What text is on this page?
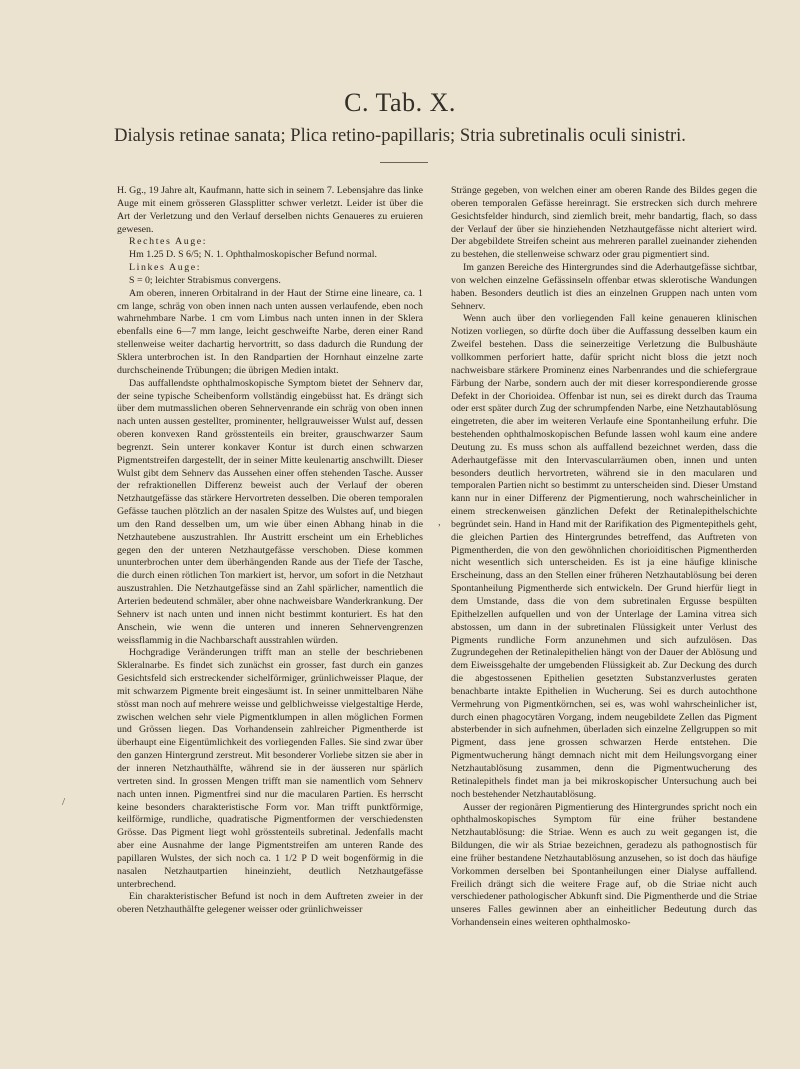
C. Tab. X.
Dialysis retinae sanata; Plica retino-papillaris; Stria subretinalis oculi sinistri.

H. Gg., 19 Jahre alt, Kaufmann, hatte sich in seinem 7. Lebensjahre das linke Auge mit einem grösseren Glassplitter schwer verletzt. Leider ist über die Art der Verletzung und den Verlauf derselben nichts Genaueres zu eruieren gewesen.

Rechtes Auge:

Hm 1.25 D. S 6/5; N. 1. Ophthalmoskopischer Befund normal.

Linkes Auge:

S = 0; leichter Strabismus convergens.

Am oberen, inneren Orbitalrand in der Haut der Stirne eine lineare, ca. 1 cm lange, schräg von oben innen nach unten aussen verlaufende, eben noch wahrnehmbare Narbe. 1 cm vom Limbus nach unten innen in der Sklera ebenfalls eine 6—7 mm lange, leicht geschweifte Narbe, deren einer Rand stellenweise weiter dachartig hervortritt, so dass dadurch die Rundung der Sklera unterbrochen ist. In den Randpartien der Hornhaut einzelne zarte durchscheinende Trübungen; die übrigen Medien intakt.

Das auffallendste ophthalmoskopische Symptom bietet der Sehnerv dar, der seine typische Scheibenform vollständig eingebüsst hat. Es drängt sich über dem mutmasslichen oberen Sehnervenrande ein schräg von oben innen nach unten aussen gestellter, prominenter, hellgrauweisser Wulst auf, dessen oberen konvexen Rand grösstenteils ein breiter, grauschwarzer Saum begrenzt. Sein unterer konkaver Kontur ist durch einen schwarzen Pigmentstreifen dargestellt, der in seiner Mitte keulenartig anschwillt. Dieser Wulst gibt dem Sehnerv das Aussehen einer offen stehenden Tasche. Ausser der refraktionellen Differenz beweist auch der Verlauf der oberen Netzhautgefässe das stärkere Hervortreten desselben. Die oberen temporalen Gefässe tauchen plötzlich an der nasalen Spitze des Wulstes auf, und biegen um den Rand desselben um, um wie über einen Abhang hinab in die Netzhautebene auszustrahlen. Ihr Austritt erscheint um ein Erhebliches gegen den der unteren Netzhautgefässe verschoben. Diese kommen ununterbrochen unter dem überhängenden Rande aus der Tiefe der Tasche, die durch einen rötlichen Ton markiert ist, hervor, um sofort in die Netzhaut auszustrahlen. Die Netzhautgefässe sind an Zahl spärlicher, namentlich die Arterien bedeutend schmäler, aber ohne nachweisbare Wanderkrankung. Der Sehnerv ist nach unten und innen nicht bestimmt konturiert. Es hat den Anschein, wie wenn die unteren und inneren Sehnervengrenzen weissflammig in die Nachbarschaft ausstrahlen würden.

Hochgradige Veränderungen trifft man an stelle der beschriebenen Skleralnarbe. Es findet sich zunächst ein grosser, fast durch ein ganzes Gesichtsfeld sich erstreckender sichelförmiger, grünlichweisser Plaque, der mit schwarzem Pigmente breit eingesäumt ist. In seiner unmittelbaren Nähe stösst man noch auf mehrere weisse und gelblichweisse vielgestaltige Herde, zwischen welchen sehr viele Pigmentklumpen in allen möglichen Formen und Grössen liegen. Das Vorhandensein zahlreicher Pigmentherde ist überhaupt eine Eigentümlichkeit des vorliegenden Falles. Sie sind zwar über den ganzen Hintergrund zerstreut. Mit besonderer Vorliebe sitzen sie aber in der inneren Netzhauthälfte, während sie in der äusseren nur spärlich vertreten sind. In grossen Mengen trifft man sie namentlich vom Sehnerv nach unten innen. Pigmentfrei sind nur die macularen Partien. Es herrscht keine besonders charakteristische Form vor. Man trifft punktförmige, keilförmige, rundliche, quadratische Pigmentformen der verschiedensten Grösse. Das Pigment liegt wohl grösstenteils subretinal. Jedenfalls macht aber eine Ausnahme der lange Pigmentstreifen am unteren Rande des papillaren Wulstes, der sich noch ca. 1 1/2 P D weit bogenförmig in die nasalen Netzhautpartien hineinzieht, deutlich Netzhautgefässe unterbrechend.

Ein charakteristischer Befund ist noch in dem Auftreten zweier in der oberen Netzhauthälfte gelegener weisser oder grünlichweisser

Stränge gegeben, von welchen einer am oberen Rande des Bildes gegen die oberen temporalen Gefässe hereinragt. Sie erstrecken sich durch mehrere Gesichtsfelder hindurch, sind ziemlich breit, mehr bandartig, flach, so dass der Verlauf der über sie hinziehenden Netzhautgefässe nicht alteriert wird. Der abgebildete Streifen scheint aus mehreren parallel zueinander ziehenden zu bestehen, die stellenweise schwarz oder grau pigmentiert sind.

Im ganzen Bereiche des Hintergrundes sind die Aderhautgefässe sichtbar, von welchen einzelne Gefässinseln offenbar etwas sklerotische Wandungen haben. Besonders deutlich ist dies an einzelnen Gruppen nach unten vom Sehnerv.

Wenn auch über den vorliegenden Fall keine genaueren klinischen Notizen vorliegen, so dürfte doch über die Auffassung desselben kaum ein Zweifel bestehen. Dass die seinerzeitige Verletzung die Bulbushäute vollkommen perforiert hatte, dafür spricht nicht bloss die jetzt noch nachweisbare stärkere Prominenz eines Narbenrandes und die schiefergraue Färbung der Narbe, sondern auch der mit dieser korrespondierende grosse Defekt in der Chorioidea. Offenbar ist nun, sei es direkt durch das Trauma oder erst später durch Zug der schrumpfenden Narbe, eine Netzhautablösung eingetreten, die aber im weiteren Verlaufe eine Spontanheilung erfuhr. Die bestehenden ophthalmoskopischen Befunde lassen wohl kaum eine andere Deutung zu. Es muss schon als auffallend bezeichnet werden, dass die Aderhautgefässe mit den Intervascularräumen oben, innen und unten besonders deutlich hervortreten, während sie in den macularen und temporalen Partien nicht so bestimmt zu unterscheiden sind. Dieser Umstand kann nur in einer Differenz der Pigmentierung, noch wahrscheinlicher in einem streckenweisen gänzlichen Defekt der Retinalepithelschichte begründet sein. Hand in Hand mit der Rarifikation des Pigmentepithels geht, die gleichen Partien des Hintergrundes betreffend, das Auftreten von Pigmentherden, die von den gewöhnlichen chorioiditischen Pigmentherden nicht wesentlich sich unterscheiden. Es ist ja eine häufige klinische Erscheinung, dass an den Stellen einer früheren Netzhautablösung bei deren Spontanheilung Pigmentherde sich entwickeln. Der Grund hierfür liegt in dem Umstande, dass die von dem subretinalen Ergusse bespülten Epithelzellen aufquellen und von der Unterlage der Lamina vitrea sich abstossen, um dann in der subretinalen Flüssigkeit unter Verlust des Pigments rundliche Form anzunehmen und sich aufzulösen. Das Zugrundegehen der Retinalepithelien hängt von der Dauer der Ablösung und dem Eiweissgehalte der umgebenden Flüssigkeit ab. Zur Deckung des durch die abgestossenen Epithelien gesetzten Substanzverlustes geraten benachbarte intakte Epithelien in Wucherung. Sei es durch autochthone Vermehrung von Pigmentkörnchen, sei es, was wohl wahrscheinlicher ist, durch einen phagocytären Vorgang, indem neugebildete Zellen das Pigment absterbender in sich aufnehmen, überladen sich einzelne Zellgruppen so mit Pigment, dass jene grossen schwarzen Herde entstehen. Die Pigmentwucherung hängt demnach nicht mit dem Heilungsvorgang einer Netzhautablösung zusammen, denn die Pigmentwucherung des Retinalepithels findet man ja bei mikroskopischer Untersuchung auch bei noch bestehender Netzhautablösung.

Ausser der regionären Pigmentierung des Hintergrundes spricht noch ein ophthalmoskopisches Symptom für eine früher bestandene Netzhautablösung: die Striae. Wenn es auch zu weit gegangen ist, die Bildungen, die wir als Striae bezeichnen, geradezu als pathognostisch für eine früher bestandene Netzhautablösung anzusehen, so ist doch das häufige Vorkommen derselben bei Spontanheilungen einer Dialyse auffallend. Freilich drängt sich die weitere Frage auf, ob die Striae nicht auch verschiedener pathologischer Abkunft sind. Die Pigmentherde und die Striae unseres Falles gewinnen aber an einheitlicher Bedeutung durch das Vorhandensein eines weiteren ophthalmosko-

/
,
